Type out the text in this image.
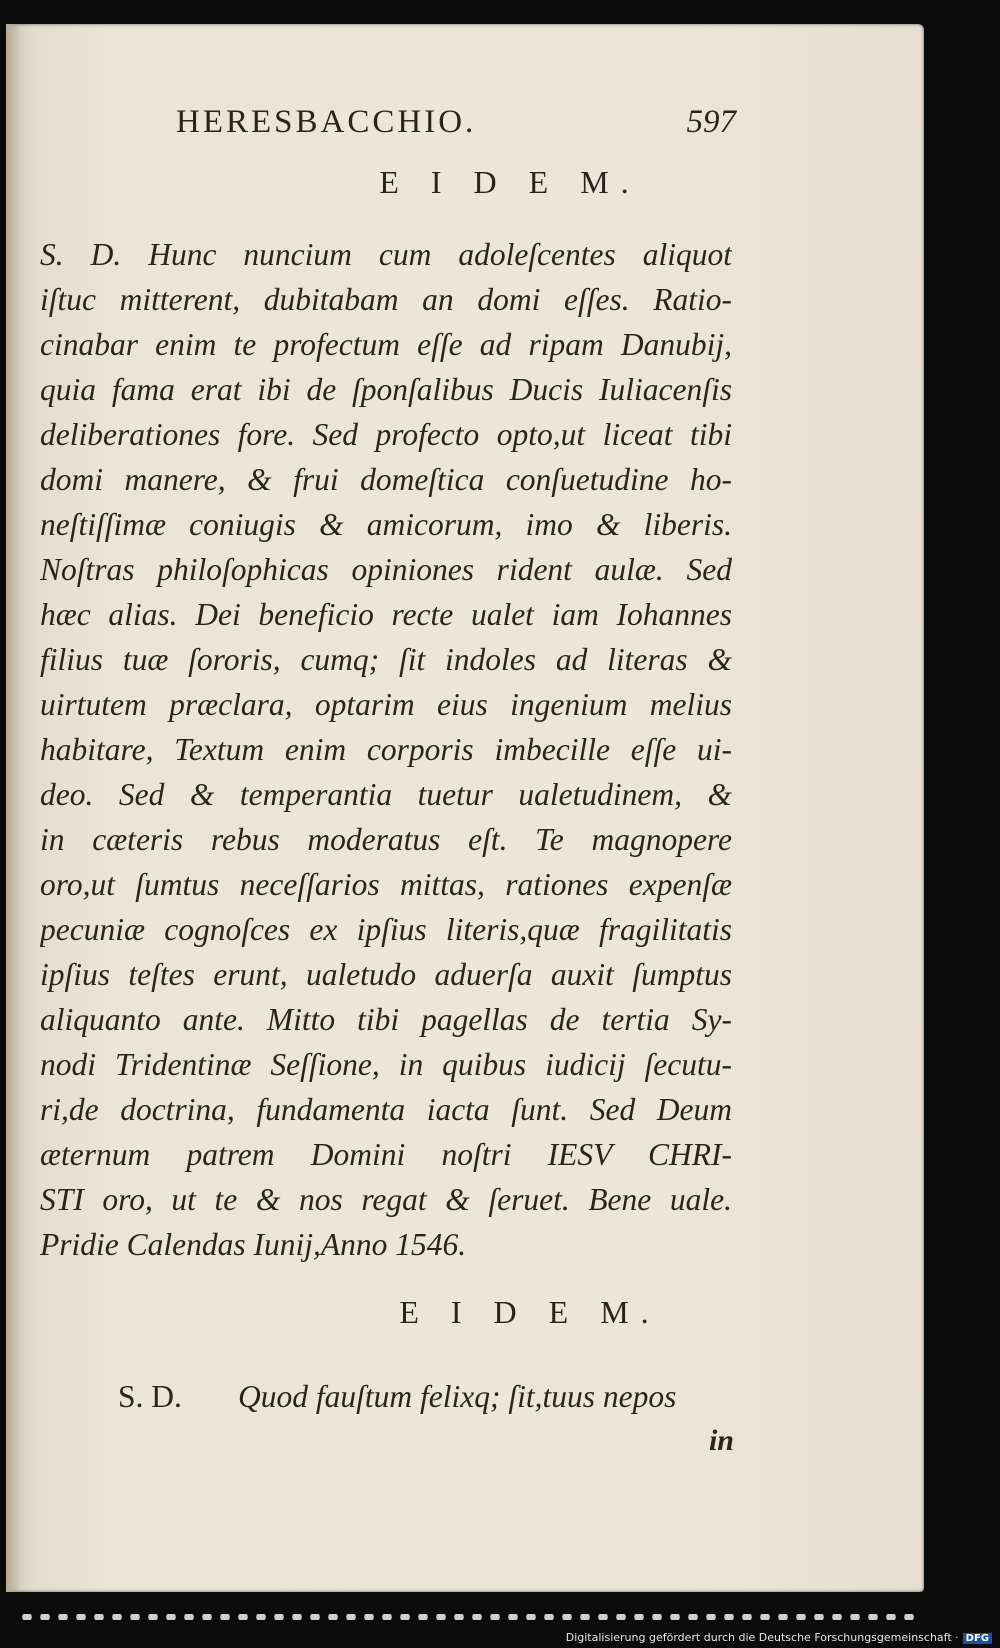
HERESBACCHIO.	597
E I D E M.
S. D. Hunc nuncium cum adoleſcentes aliquot
iſtuc mitterent, dubitabam an domi eſſes. Ratio-
cinabar enim te profectum eſſe ad ripam Danubij,
quia fama erat ibi de ſponſalibus Ducis Iuliacenſis
deliberationes fore. Sed profecto opto,ut liceat tibi
domi manere, & frui domeſtica conſuetudine ho-
neſtiſſimæ coniugis & amicorum, imo & liberis.
Noſtras philoſophicas opiniones rident aulæ. Sed
hæc alias. Dei beneficio recte ualet iam Iohannes
filius tuæ ſororis, cumq; ſit indoles ad literas &
uirtutem præclara, optarim eius ingenium melius
habitare, Textum enim corporis imbecille eſſe ui-
deo. Sed & temperantia tuetur ualetudinem, &
in cæteris rebus moderatus eſt. Te magnopere
oro,ut ſumtus neceſſarios mittas, rationes expenſæ
pecuniæ cognoſces ex ipſius literis,quæ fragilitatis
ipſius teſtes erunt, ualetudo aduerſa auxit ſumptus
aliquanto ante. Mitto tibi pagellas de tertia Sy-
nodi Tridentinæ Seſſione, in quibus iudicij ſecutu-
ri,de doctrina, fundamenta iacta ſunt. Sed Deum
æternum patrem Domini noſtri IESV CHRI-
STI oro, ut te & nos regat & ſeruet. Bene uale.
Pridie Calendas Iunij,Anno 1546.
E I D E M.
S. D. Quod fauſtum felixq; ſit,tuus nepos
in
Digitalisierung gefördert durch die Deutsche Forschungsgemeinschaft · DFG
